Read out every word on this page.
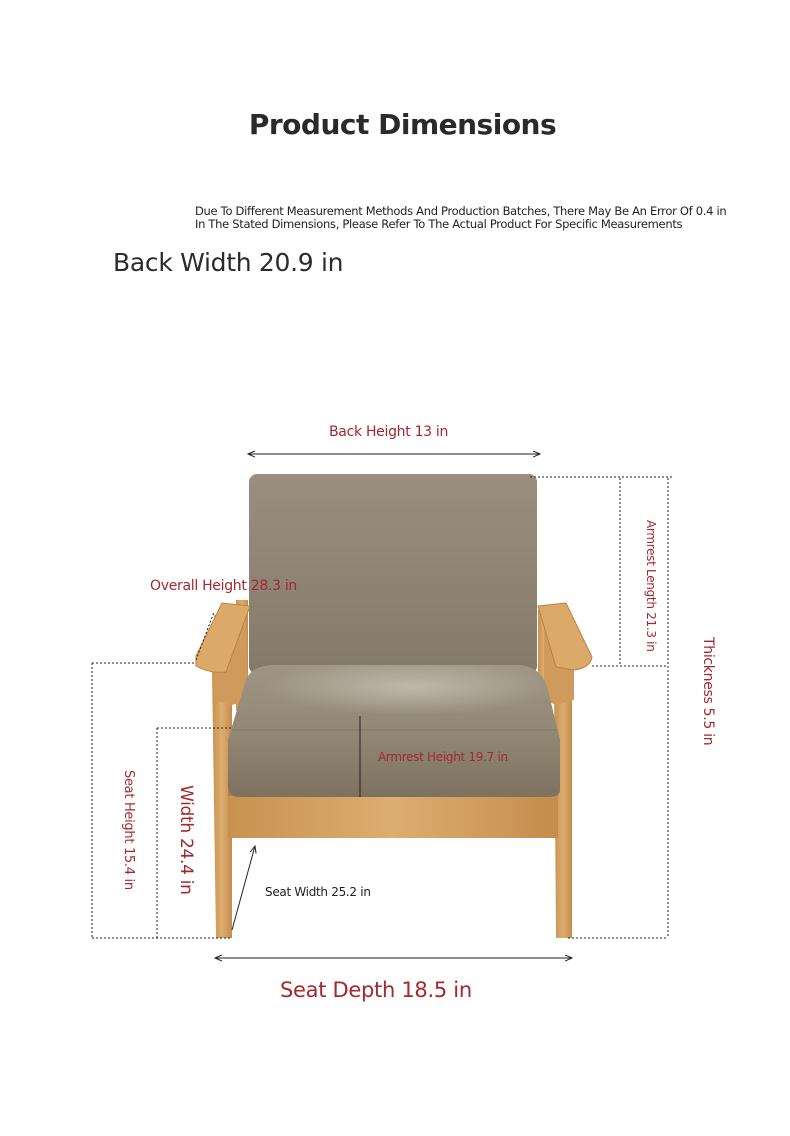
Product Dimensions
Due To Different Measurement Methods And Production Batches, There May Be An Error Of 0.4 in
In The Stated Dimensions, Please Refer To The Actual Product For Specific Measurements
Back Width 20.9 in
Back Height 13 in
Overall Height 28.3 in
Armrest Height 19.7 in
Seat Width 25.2 in
Seat Depth 18.5 in
Armrest Length 21.3 in
Thickness 5.5 in
Width 24.4 in
Seat Height 15.4 in
